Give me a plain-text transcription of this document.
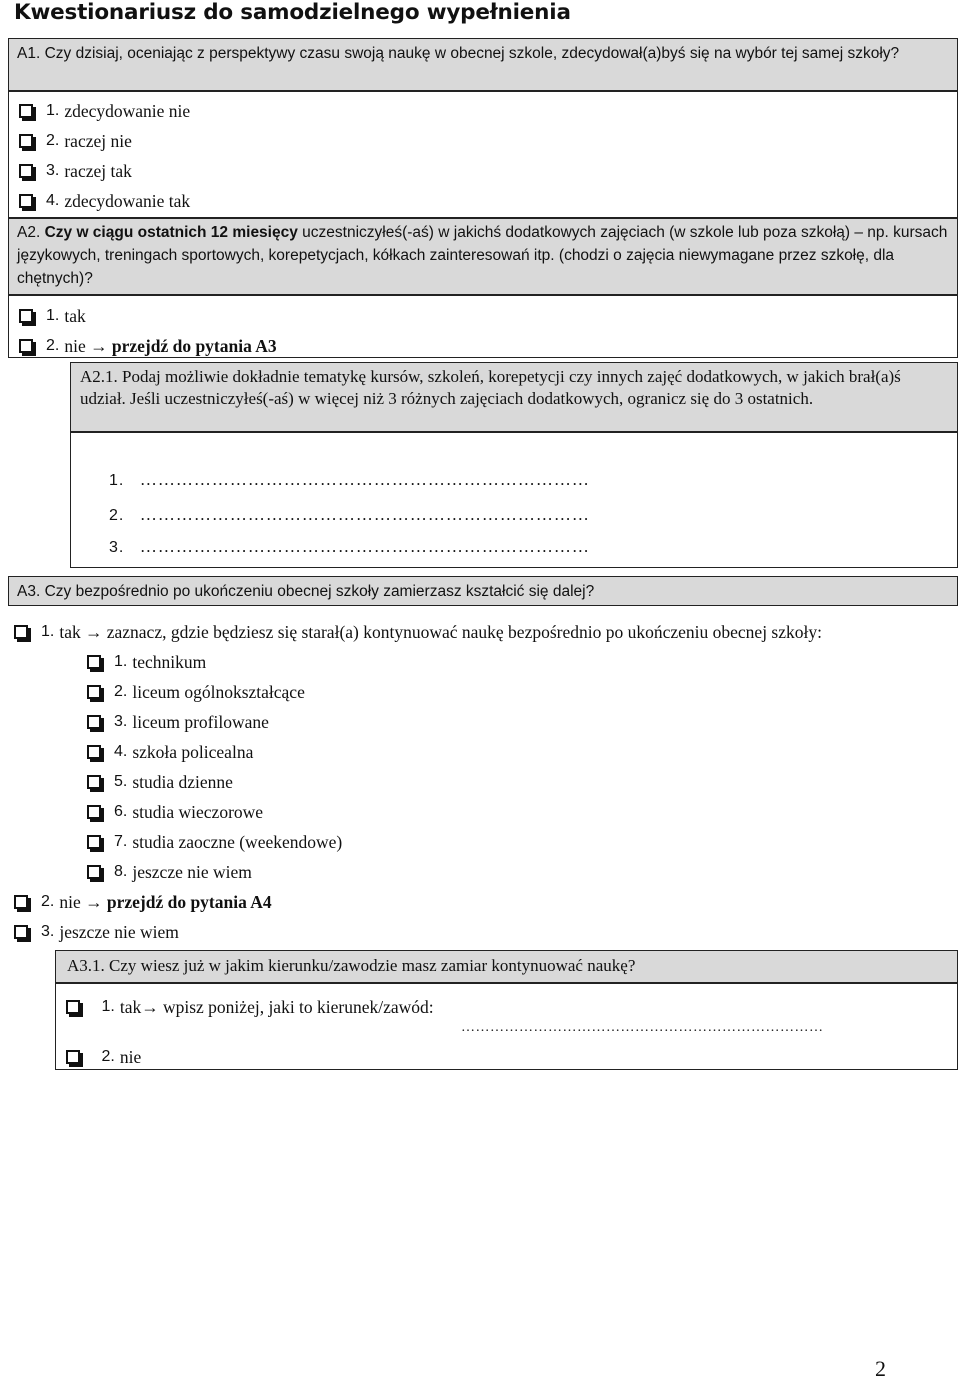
Kwestionariusz do samodzielnego wypełnienia
A1. Czy dzisiaj, oceniając z perspektywy czasu swoją naukę w obecnej szkole, zdecydował(a)byś się na wybór tej samej szkoły?
1. zdecydowanie nie
2. raczej nie
3. raczej tak
4. zdecydowanie tak
A2. Czy w ciągu ostatnich 12 miesięcy uczestniczyłeś(-aś) w jakichś dodatkowych zajęciach (w szkole lub poza szkołą) – np. kursach językowych, treningach sportowych, korepetycjach, kółkach zainteresowań itp. (chodzi o zajęcia niewymagane przez szkołę, dla chętnych)?
1. tak
2. nie →
przejdź do pytania A3
A2.1. Podaj możliwie dokładnie tematykę kursów, szkoleń, korepetycji czy innych zajęć dodatkowych, w jakich brał(a)ś udział. Jeśli uczestniczyłeś(-aś) w więcej niż 3 różnych zajęciach dodatkowych, ogranicz się do 3 ostatnich.
1. …………………………………………………………………
2. …………………………………………………………………
3. …………………………………………………………………
A3. Czy bezpośrednio po ukończeniu obecnej szkoły zamierzasz kształcić się dalej?
1. tak
→
zaznacz, gdzie będziesz się starał(a) kontynuować naukę bezpośrednio po ukończeniu obecnej szkoły:
1. technikum
2. liceum ogólnokształcące
3. liceum profilowane
4. szkoła policealna
5. studia dzienne
6. studia wieczorowe
7. studia zaoczne (weekendowe)
8. jeszcze nie wiem
2. nie →
przejdź do pytania A4
3. jeszcze nie wiem
A3.1. Czy wiesz już w jakim kierunku/zawodzie masz zamiar kontynuować naukę?

1. tak →
wpisz poniżej, jaki to kierunek/zawód:
…………………………………………………………………

2. nie
2
